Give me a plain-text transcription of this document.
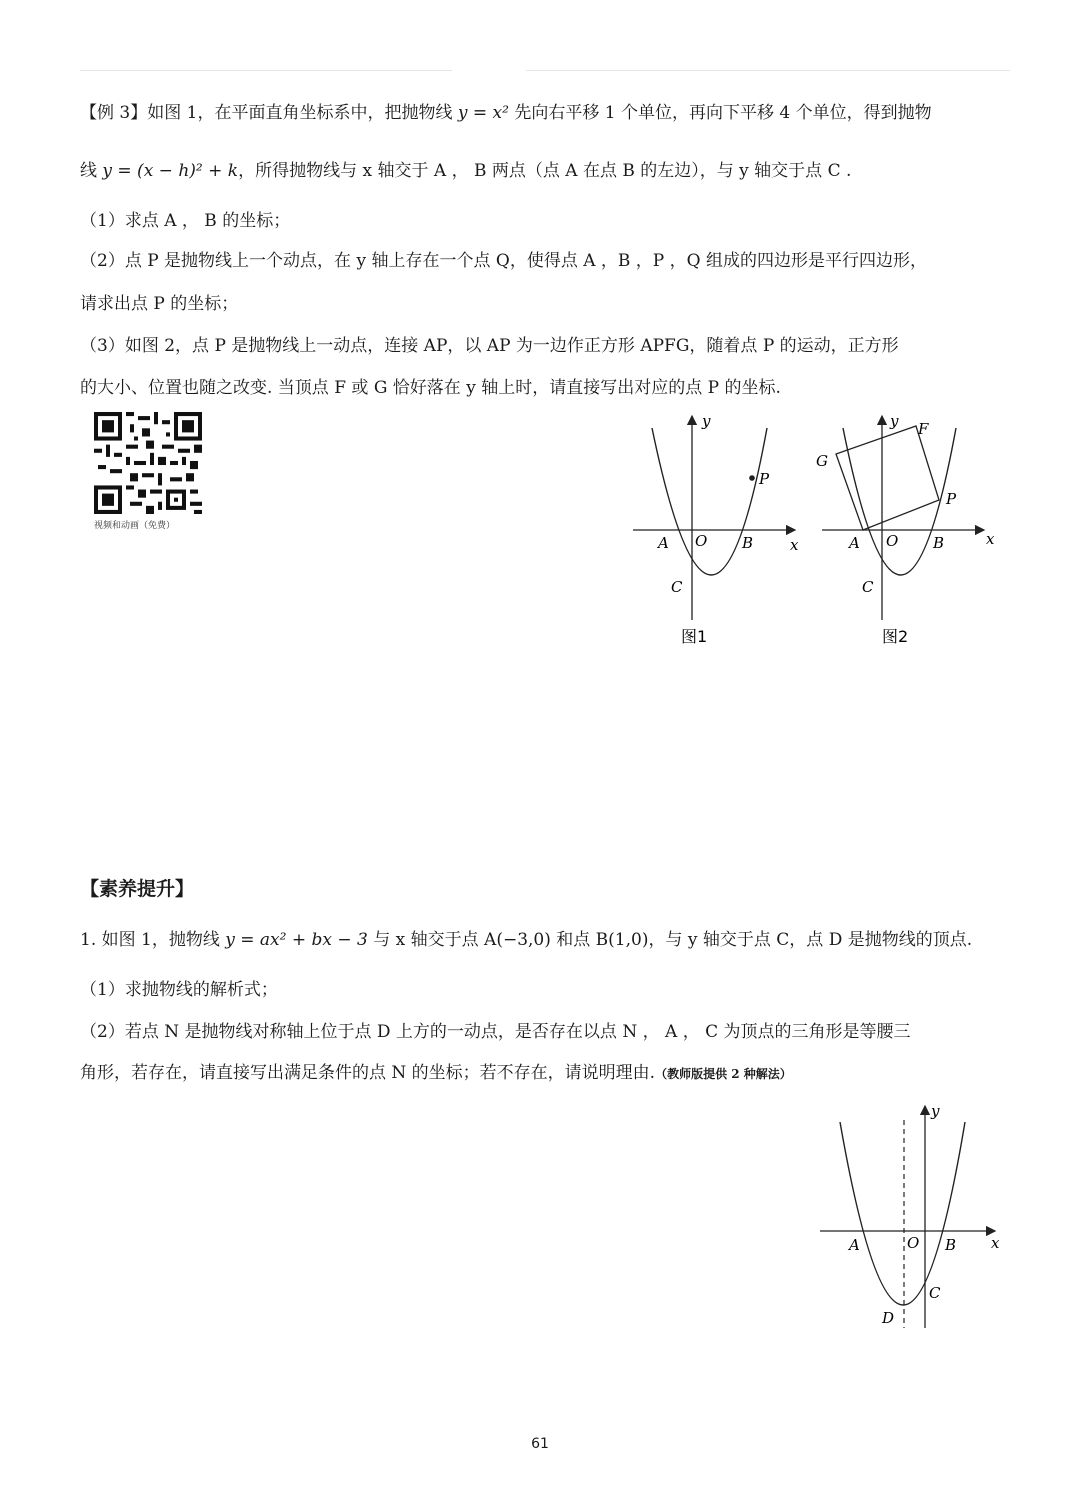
【例 3】如图 1，在平面直角坐标系中，把抛物线 y = x² 先向右平移 1 个单位，再向下平移 4 个单位，得到抛物
线 y = (x − h)² + k，所得抛物线与 x 轴交于 A ， B 两点（点 A 在点 B 的左边），与 y 轴交于点 C .
（1）求点 A ， B 的坐标；
（2）点 P 是抛物线上一个动点，在 y 轴上存在一个点 Q，使得点 A ，B ，P ，Q 组成的四边形是平行四边形，
请求出点 P 的坐标；
（3）如图 2，点 P 是抛物线上一动点，连接 AP，以 AP 为一边作正方形 APFG，随着点 P 的运动，正方形
的大小、位置也随之改变. 当顶点 F 或 G 恰好落在 y 轴上时，请直接写出对应的点 P 的坐标.
视频和动画（免费）
y
x
O
A	B
C
P
图1
y
x
O
A	B
C
P
F
G
图2
【素养提升】
1. 如图 1，抛物线 y = ax² + bx − 3 与 x 轴交于点 A(−3,0) 和点 B(1,0)，与 y 轴交于点 C，点 D 是抛物线的顶点.
（1）求抛物线的解析式；
（2）若点 N 是抛物线对称轴上位于点 D 上方的一动点，是否存在以点 N ， A ， C 为顶点的三角形是等腰三
角形，若存在，请直接写出满足条件的点 N 的坐标；若不存在，请说明理由.（教师版提供 2 种解法）
y
x
O
A	B
C
D
61
